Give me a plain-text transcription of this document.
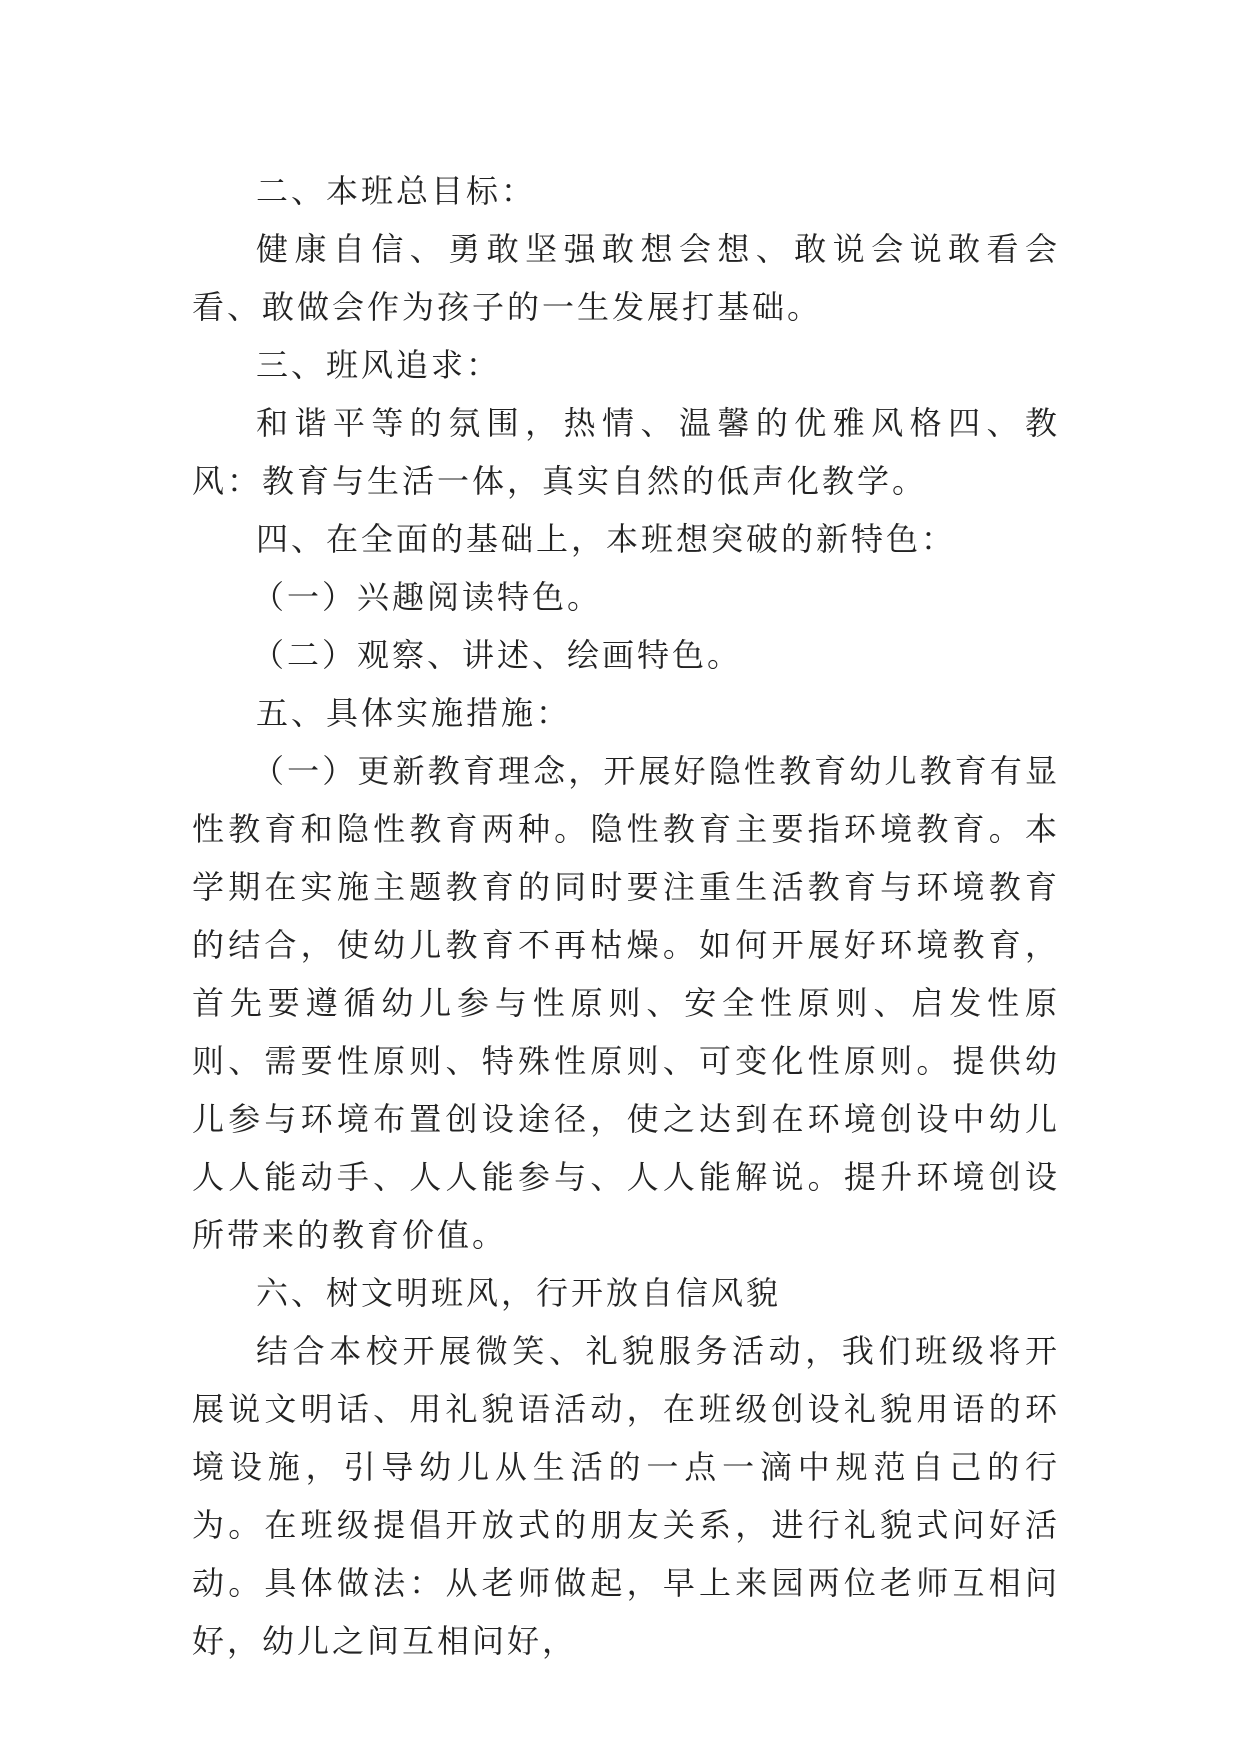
二、本班总目标：

健康自信、勇敢坚强敢想会想、敢说会说敢看会看、敢做会作为孩子的一生发展打基础。

三、班风追求：

和谐平等的氛围，热情、温馨的优雅风格四、教风：教育与生活一体，真实自然的低声化教学。

四、在全面的基础上，本班想突破的新特色：

（一）兴趣阅读特色。

（二）观察、讲述、绘画特色。

五、具体实施措施：

（一）更新教育理念，开展好隐性教育幼儿教育有显性教育和隐性教育两种。隐性教育主要指环境教育。本学期在实施主题教育的同时要注重生活教育与环境教育的结合，使幼儿教育不再枯燥。如何开展好环境教育，首先要遵循幼儿参与性原则、安全性原则、启发性原则、需要性原则、特殊性原则、可变化性原则。提供幼儿参与环境布置创设途径，使之达到在环境创设中幼儿人人能动手、人人能参与、人人能解说。提升环境创设所带来的教育价值。

六、树文明班风，行开放自信风貌

结合本校开展微笑、礼貌服务活动，我们班级将开展说文明话、用礼貌语活动，在班级创设礼貌用语的环境设施，引导幼儿从生活的一点一滴中规范自己的行为。在班级提倡开放式的朋友关系，进行礼貌式问好活动。具体做法：从老师做起，早上来园两位老师互相问好，幼儿之间互相问好，
